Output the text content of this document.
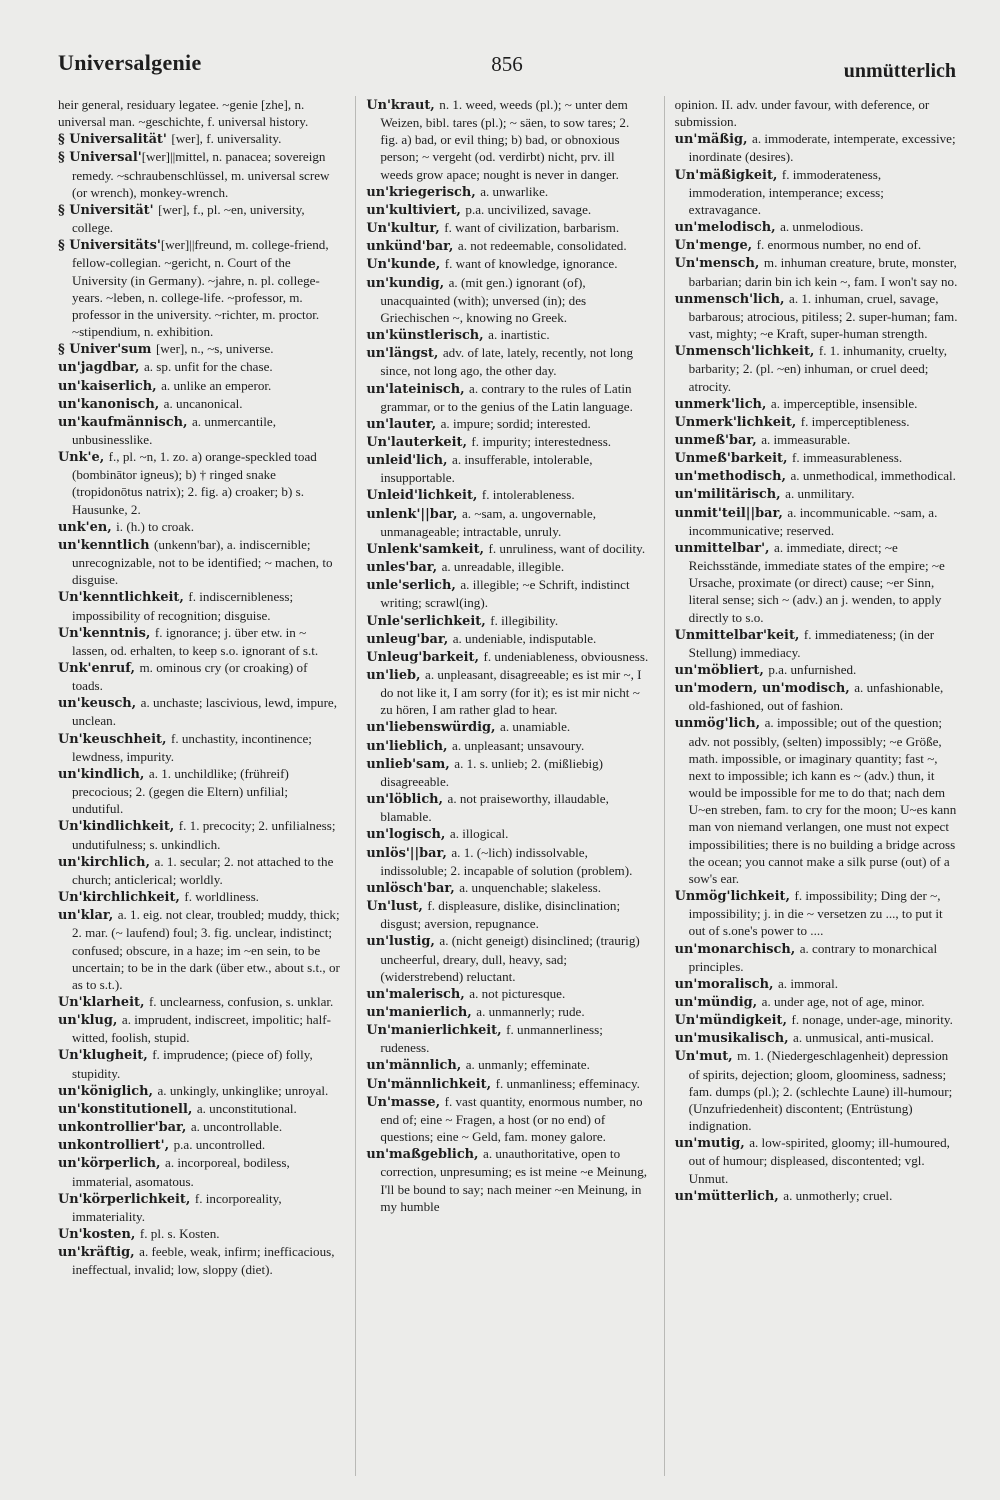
Universalgenie	856	unmütterlich

heir general, residuary legatee. ~genie [zhe], n. universal man. ~geschichte, f. universal history.

§ Universalität' [wer], f. universality.

§ Universal'[wer]||mittel, n. panacea; sovereign remedy. ~schraubenschlüssel, m. universal screw (or wrench), monkey-wrench.

§ Universität' [wer], f., pl. ~en, university, college.

§ Universitäts'[wer]||freund, m. college-friend, fellow-collegian. ~gericht, n. Court of the University (in Germany). ~jahre, n. pl. college-years. ~leben, n. college-life. ~professor, m. professor in the university. ~richter, m. proctor. ~stipendium, n. exhibition.

§ Univer'sum [wer], n., ~s, universe.

un'jagdbar, a. sp. unfit for the chase.

un'kaiserlich, a. unlike an emperor.

un'kanonisch, a. uncanonical.

un'kaufmännisch, a. unmercantile, unbusinesslike.

Unk'e, f., pl. ~n, 1. zo. a) orange-speckled toad (bombinātor igneus); b) † ringed snake (tropidonōtus natrix); 2. fig. a) croaker; b) s. Hausunke, 2.

unk'en, i. (h.) to croak.

un'kenntlich (unkenn'bar), a. indiscernible; unrecognizable, not to be identified; ~ machen, to disguise.

Un'kenntlichkeit, f. indiscernibleness; impossibility of recognition; disguise.

Un'kenntnis, f. ignorance; j. über etw. in ~ lassen, od. erhalten, to keep s.o. ignorant of s.t.

Unk'enruf, m. ominous cry (or croaking) of toads.

un'keusch, a. unchaste; lascivious, lewd, impure, unclean.

Un'keuschheit, f. unchastity, incontinence; lewdness, impurity.

un'kindlich, a. 1. unchildlike; (frühreif) precocious; 2. (gegen die Eltern) unfilial; undutiful.

Un'kindlichkeit, f. 1. precocity; 2. unfilialness; undutifulness; s. unkindlich.

un'kirchlich, a. 1. secular; 2. not attached to the church; anticlerical; worldly.

Un'kirchlichkeit, f. worldliness.

un'klar, a. 1. eig. not clear, troubled; muddy, thick; 2. mar. (~ laufend) foul; 3. fig. unclear, indistinct; confused; obscure, in a haze; im ~en sein, to be uncertain; to be in the dark (über etw., about s.t., or as to s.t.).

Un'klarheit, f. unclearness, confusion, s. unklar.

un'klug, a. imprudent, indiscreet, impolitic; half-witted, foolish, stupid.

Un'klugheit, f. imprudence; (piece of) folly, stupidity.

un'königlich, a. unkingly, unkinglike; unroyal.

un'konstitutionell, a. unconstitutional.

unkontrollier'bar, a. uncontrollable.

unkontrolliert', p.a. uncontrolled.

un'körperlich, a. incorporeal, bodiless, immaterial, asomatous.

Un'körperlichkeit, f. incorporeality, immateriality.

Un'kosten, f. pl. s. Kosten.

un'kräftig, a. feeble, weak, infirm; inefficacious, ineffectual, invalid; low, sloppy (diet).

Un'kraut, n. 1. weed, weeds (pl.); ~ unter dem Weizen, bibl. tares (pl.); ~ säen, to sow tares; 2. fig. a) bad, or evil thing; b) bad, or obnoxious person; ~ vergeht (od. verdirbt) nicht, prv. ill weeds grow apace; nought is never in danger.

un'kriegerisch, a. unwarlike.

un'kultiviert, p.a. uncivilized, savage.

Un'kultur, f. want of civilization, barbarism.

unkünd'bar, a. not redeemable, consolidated.

Un'kunde, f. want of knowledge, ignorance.

un'kundig, a. (mit gen.) ignorant (of), unacquainted (with); unversed (in); des Griechischen ~, knowing no Greek.

un'künstlerisch, a. inartistic.

un'längst, adv. of late, lately, recently, not long since, not long ago, the other day.

un'lateinisch, a. contrary to the rules of Latin grammar, or to the genius of the Latin language.

un'lauter, a. impure; sordid; interested.

Un'lauterkeit, f. impurity; interestedness.

unleid'lich, a. insufferable, intolerable, insupportable.

Unleid'lichkeit, f. intolerableness.

unlenk'||bar, a. ~sam, a. ungovernable, unmanageable; intractable, unruly.

Unlenk'samkeit, f. unruliness, want of docility.

unles'bar, a. unreadable, illegible.

unle'serlich, a. illegible; ~e Schrift, indistinct writing; scrawl(ing).

Unle'serlichkeit, f. illegibility.

unleug'bar, a. undeniable, indisputable.

Unleug'barkeit, f. undeniableness, obviousness.

un'lieb, a. unpleasant, disagreeable; es ist mir ~, I do not like it, I am sorry (for it); es ist mir nicht ~ zu hören, I am rather glad to hear.

un'liebenswürdig, a. unamiable.

un'lieblich, a. unpleasant; unsavoury.

unlieb'sam, a. 1. s. unlieb; 2. (mißliebig) disagreeable.

un'löblich, a. not praiseworthy, illaudable, blamable.

un'logisch, a. illogical.

unlös'||bar, a. 1. (~lich) indissolvable, indissoluble; 2. incapable of solution (problem).

unlösch'bar, a. unquenchable; slakeless.

Un'lust, f. displeasure, dislike, disinclination; disgust; aversion, repugnance.

un'lustig, a. (nicht geneigt) disinclined; (traurig) uncheerful, dreary, dull, heavy, sad; (widerstrebend) reluctant.

un'malerisch, a. not picturesque.

un'manierlich, a. unmannerly; rude.

Un'manierlichkeit, f. unmannerliness; rudeness.

un'männlich, a. unmanly; effeminate.

Un'männlichkeit, f. unmanliness; effeminacy.

Un'masse, f. vast quantity, enormous number, no end of; eine ~ Fragen, a host (or no end) of questions; eine ~ Geld, fam. money galore.

un'maßgeblich, a. unauthoritative, open to correction, unpresuming; es ist meine ~e Meinung, I'll be bound to say; nach meiner ~en Meinung, in my humble

opinion. II. adv. under favour, with deference, or submission.

un'mäßig, a. immoderate, intemperate, excessive; inordinate (desires).

Un'mäßigkeit, f. immoderateness, immoderation, intemperance; excess; extravagance.

un'melodisch, a. unmelodious.

Un'menge, f. enormous number, no end of.

Un'mensch, m. inhuman creature, brute, monster, barbarian; darin bin ich kein ~, fam. I won't say no.

unmensch'lich, a. 1. inhuman, cruel, savage, barbarous; atrocious, pitiless; 2. super-human; fam. vast, mighty; ~e Kraft, super-human strength.

Unmensch'lichkeit, f. 1. inhumanity, cruelty, barbarity; 2. (pl. ~en) inhuman, or cruel deed; atrocity.

unmerk'lich, a. imperceptible, insensible.

Unmerk'lichkeit, f. imperceptibleness.

unmeß'bar, a. immeasurable.

Unmeß'barkeit, f. immeasurableness.

un'methodisch, a. unmethodical, immethodical.

un'militärisch, a. unmilitary.

unmit'teil||bar, a. incommunicable. ~sam, a. incommunicative; reserved.

unmittelbar', a. immediate, direct; ~e Reichsstände, immediate states of the empire; ~e Ursache, proximate (or direct) cause; ~er Sinn, literal sense; sich ~ (adv.) an j. wenden, to apply directly to s.o.

Unmittelbar'keit, f. immediateness; (in der Stellung) immediacy.

un'möbliert, p.a. unfurnished.

un'modern, un'modisch, a. unfashionable, old-fashioned, out of fashion.

unmög'lich, a. impossible; out of the question; adv. not possibly, (selten) impossibly; ~e Größe, math. impossible, or imaginary quantity; fast ~, next to impossible; ich kann es ~ (adv.) thun, it would be impossible for me to do that; nach dem U~en streben, fam. to cry for the moon; U~es kann man von niemand verlangen, one must not expect impossibilities; there is no building a bridge across the ocean; you cannot make a silk purse (out) of a sow's ear.

Unmög'lichkeit, f. impossibility; Ding der ~, impossibility; j. in die ~ versetzen zu ..., to put it out of s.one's power to ....

un'monarchisch, a. contrary to monarchical principles.

un'moralisch, a. immoral.

un'mündig, a. under age, not of age, minor.

Un'mündigkeit, f. nonage, under-age, minority.

un'musikalisch, a. unmusical, anti-musical.

Un'mut, m. 1. (Niedergeschlagenheit) depression of spirits, dejection; gloom, gloominess, sadness; fam. dumps (pl.); 2. (schlechte Laune) ill-humour; (Unzufriedenheit) discontent; (Entrüstung) indignation.

un'mutig, a. low-spirited, gloomy; ill-humoured, out of humour; displeased, discontented; vgl. Unmut.

un'mütterlich, a. unmotherly; cruel.
